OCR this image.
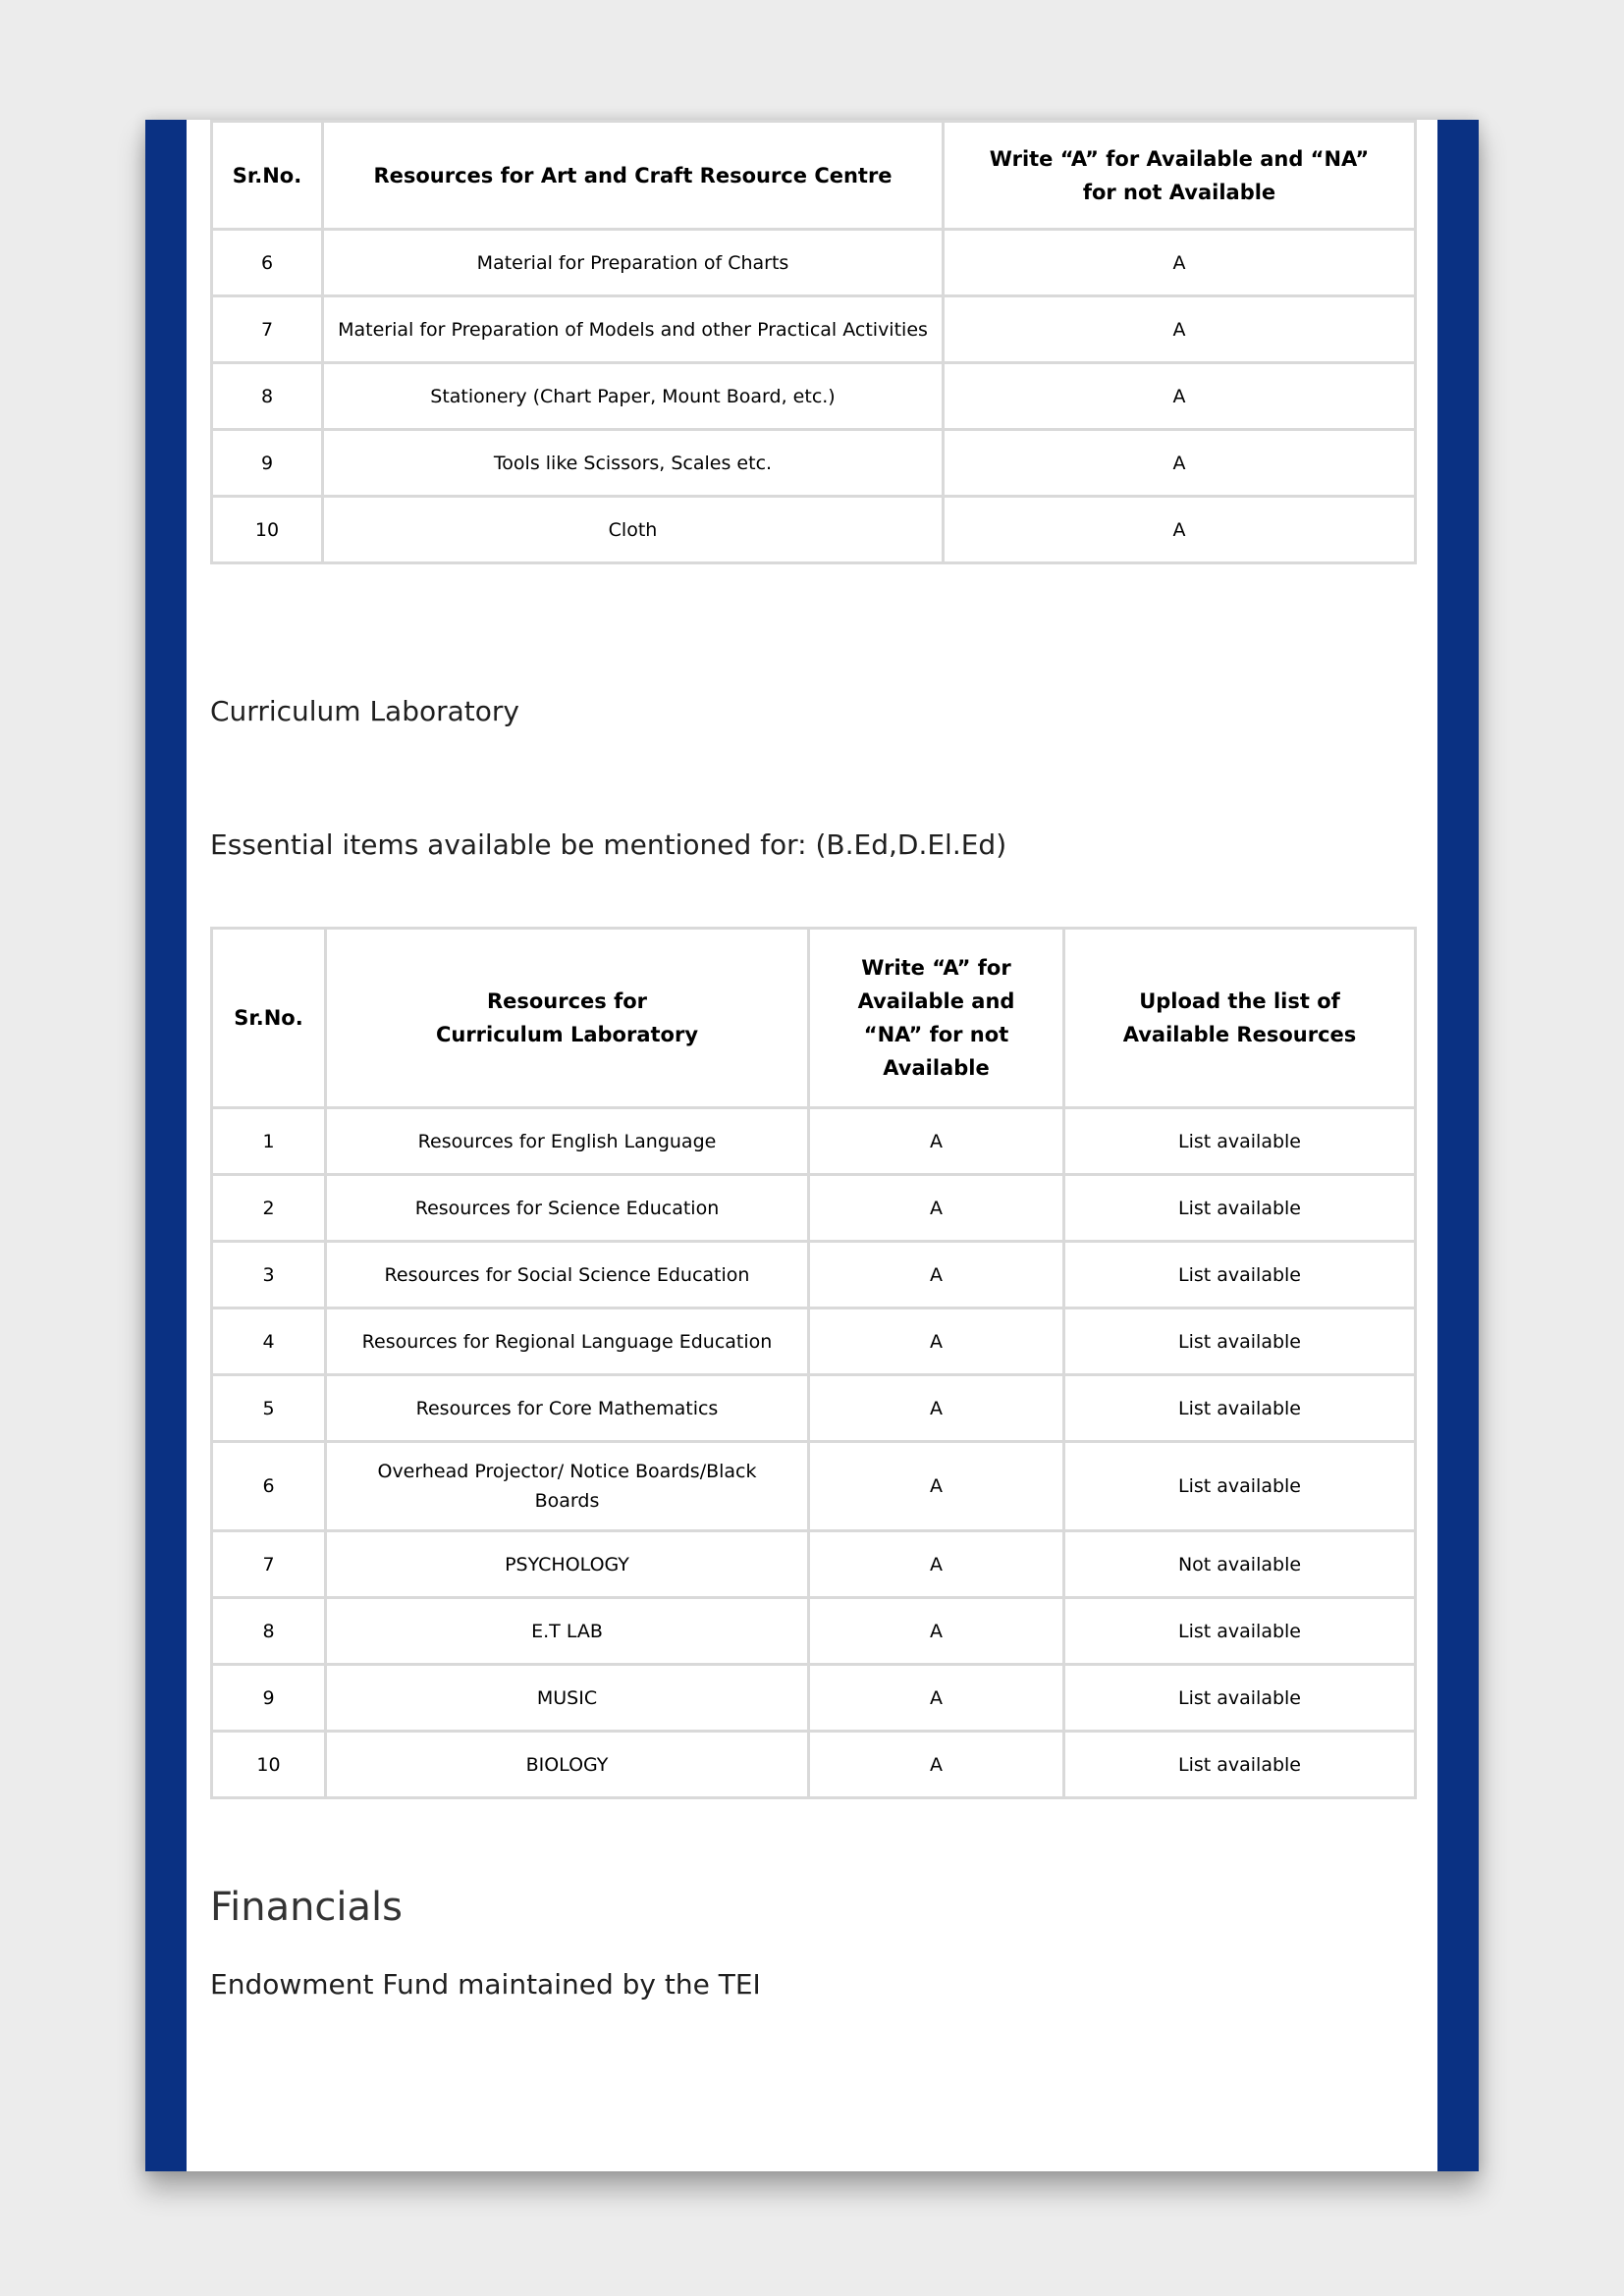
Sr.No.	Resources for Art and Craft Resource Centre	Write “A” for Available and “NA” for not Available
6	Material for Preparation of Charts	A
7	Material for Preparation of Models and other Practical Activities	A
8	Stationery (Chart Paper, Mount Board, etc.)	A
9	Tools like Scissors, Scales etc.	A
10	Cloth	A
Curriculum Laboratory

Essential items available be mentioned for: (B.Ed,D.El.Ed)

Sr.No.	Resources for Curriculum Laboratory	Write “A” for Available and “NA” for not Available	Upload the list of Available Resources
1	Resources for English Language	A	List available
2	Resources for Science Education	A	List available
3	Resources for Social Science Education	A	List available
4	Resources for Regional Language Education	A	List available
5	Resources for Core Mathematics	A	List available
6	Overhead Projector/ Notice Boards/Black Boards	A	List available
7	PSYCHOLOGY	A	Not available
8	E.T LAB	A	List available
9	MUSIC	A	List available
10	BIOLOGY	A	List available
Financials

Endowment Fund maintained by the TEI
